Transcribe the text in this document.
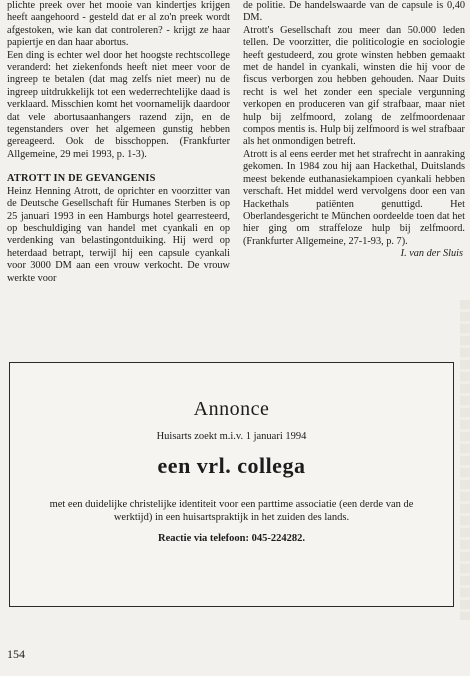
plichte preek over het mooie van kindertjes krijgen heeft aangehoord - gesteld dat er al zo'n preek wordt afgestoken, wie kan dat controleren? - krijgt ze haar papiertje en dan haar abortus.

Een ding is echter wel door het hoogste rechtscollege veranderd: het ziekenfonds heeft niet meer voor de ingreep te betalen (dat mag zelfs niet meer) nu de ingreep uitdrukkelijk tot een wederrechtelijke daad is verklaard. Misschien komt het voornamelijk daardoor dat vele abortusaanhangers razend zijn, en de tegenstanders over het algemeen gunstig hebben gereageerd. Ook de bisschoppen. (Frankfurter Allgemeine, 29 mei 1993, p. 1-3).

ATROTT IN DE GEVANGENIS

Heinz Henning Atrott, de oprichter en voorzitter van de Deutsche Gesellschaft für Humanes Sterben is op 25 januari 1993 in een Hamburgs hotel gearresteerd, op beschuldiging van handel met cyankali en op verdenking van belastingontduiking. Hij werd op heterdaad betrapt, terwijl hij een capsule cyankali voor 3000 DM aan een vrouw verkocht. De vrouw werkte voor

de politie. De handelswaarde van de capsule is 0,40 DM.

Atrott's Gesellschaft zou meer dan 50.000 leden tellen. De voorzitter, die politicologie en sociologie heeft gestudeerd, zou grote winsten hebben gemaakt met de handel in cyankali, winsten die hij voor de fiscus verborgen zou hebben gehouden. Naar Duits recht is wel het zonder een speciale vergunning verkopen en produceren van gif strafbaar, maar niet hulp bij zelfmoord, zolang de zelfmoordenaar compos mentis is. Hulp bij zelfmoord is wel strafbaar als het onmondigen betreft.

Atrott is al eens eerder met het strafrecht in aanraking gekomen. In 1984 zou hij aan Hackethal, Duitslands meest bekende euthanasiekampioen cyankali hebben verschaft. Het middel werd vervolgens door een van Hackethals patiënten genuttigd. Het Oberlandesgericht te München oordeelde toen dat het hier ging om straffeloze hulp bij zelfmoord. (Frankfurter Allgemeine, 27-1-93, p. 7).

I. van der Sluis

Annonce
Huisarts zoekt m.i.v. 1 januari 1994
een vrl. collega
met een duidelijke christelijke identiteit voor een parttime associatie (een derde van de werktijd) in een huisartspraktijk in het zuiden des lands.
Reactie via telefoon: 045-224282.
154
